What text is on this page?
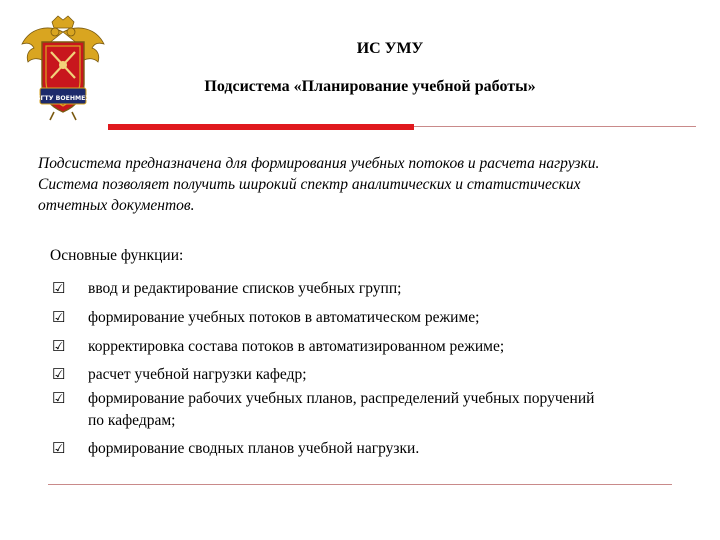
БГТУ ВОЕНМЕХ
ИС УМУ
Подсистема «Планирование учебной работы»
Подсистема предназначена для формирования учебных потоков и расчета нагрузки. Система позволяет получить широкий спектр аналитических и статистических отчетных документов.
Основные функции:
☑ ввод и редактирование списков учебных групп;
☑ формирование учебных потоков в автоматическом режиме;
☑ корректировка состава потоков в автоматизированном режиме;
☑ расчет учебной нагрузки кафедр;
☑ формирование рабочих учебных планов, распределений учебных поручений по кафедрам;
☑ формирование сводных планов учебной нагрузки.
